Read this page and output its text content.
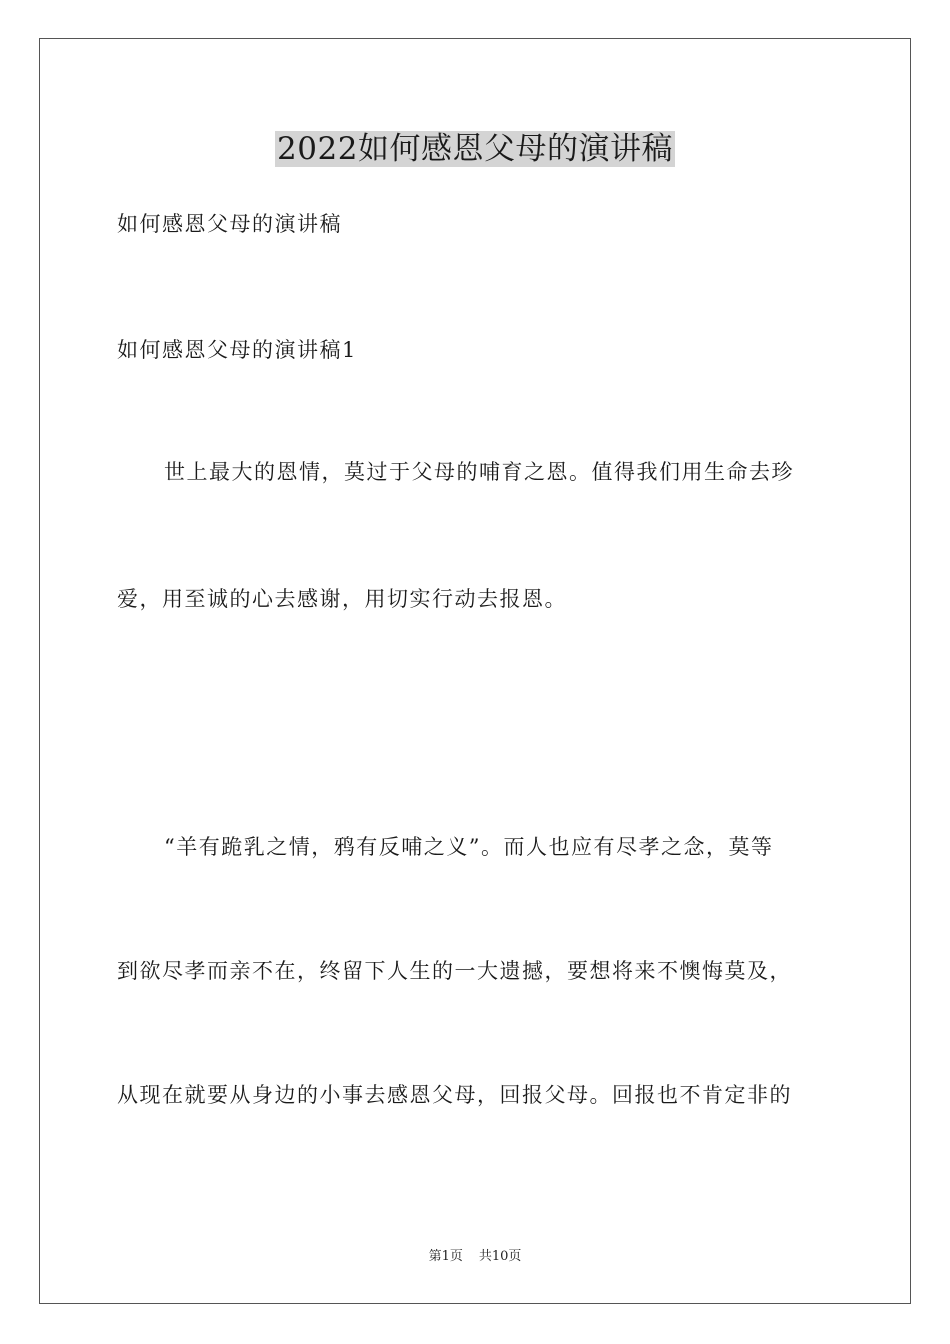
2022如何感恩父母的演讲稿
如何感恩父母的演讲稿
如何感恩父母的演讲稿1
世上最大的恩情，莫过于父母的哺育之恩。值得我们用生命去珍
爱，用至诚的心去感谢，用切实行动去报恩。
“羊有跪乳之情，鸦有反哺之义”。而人也应有尽孝之念，莫等
到欲尽孝而亲不在，终留下人生的一大遗撼，要想将来不懊悔莫及，
从现在就要从身边的小事去感恩父母，回报父母。回报也不肯定非的
第1页 共10页
